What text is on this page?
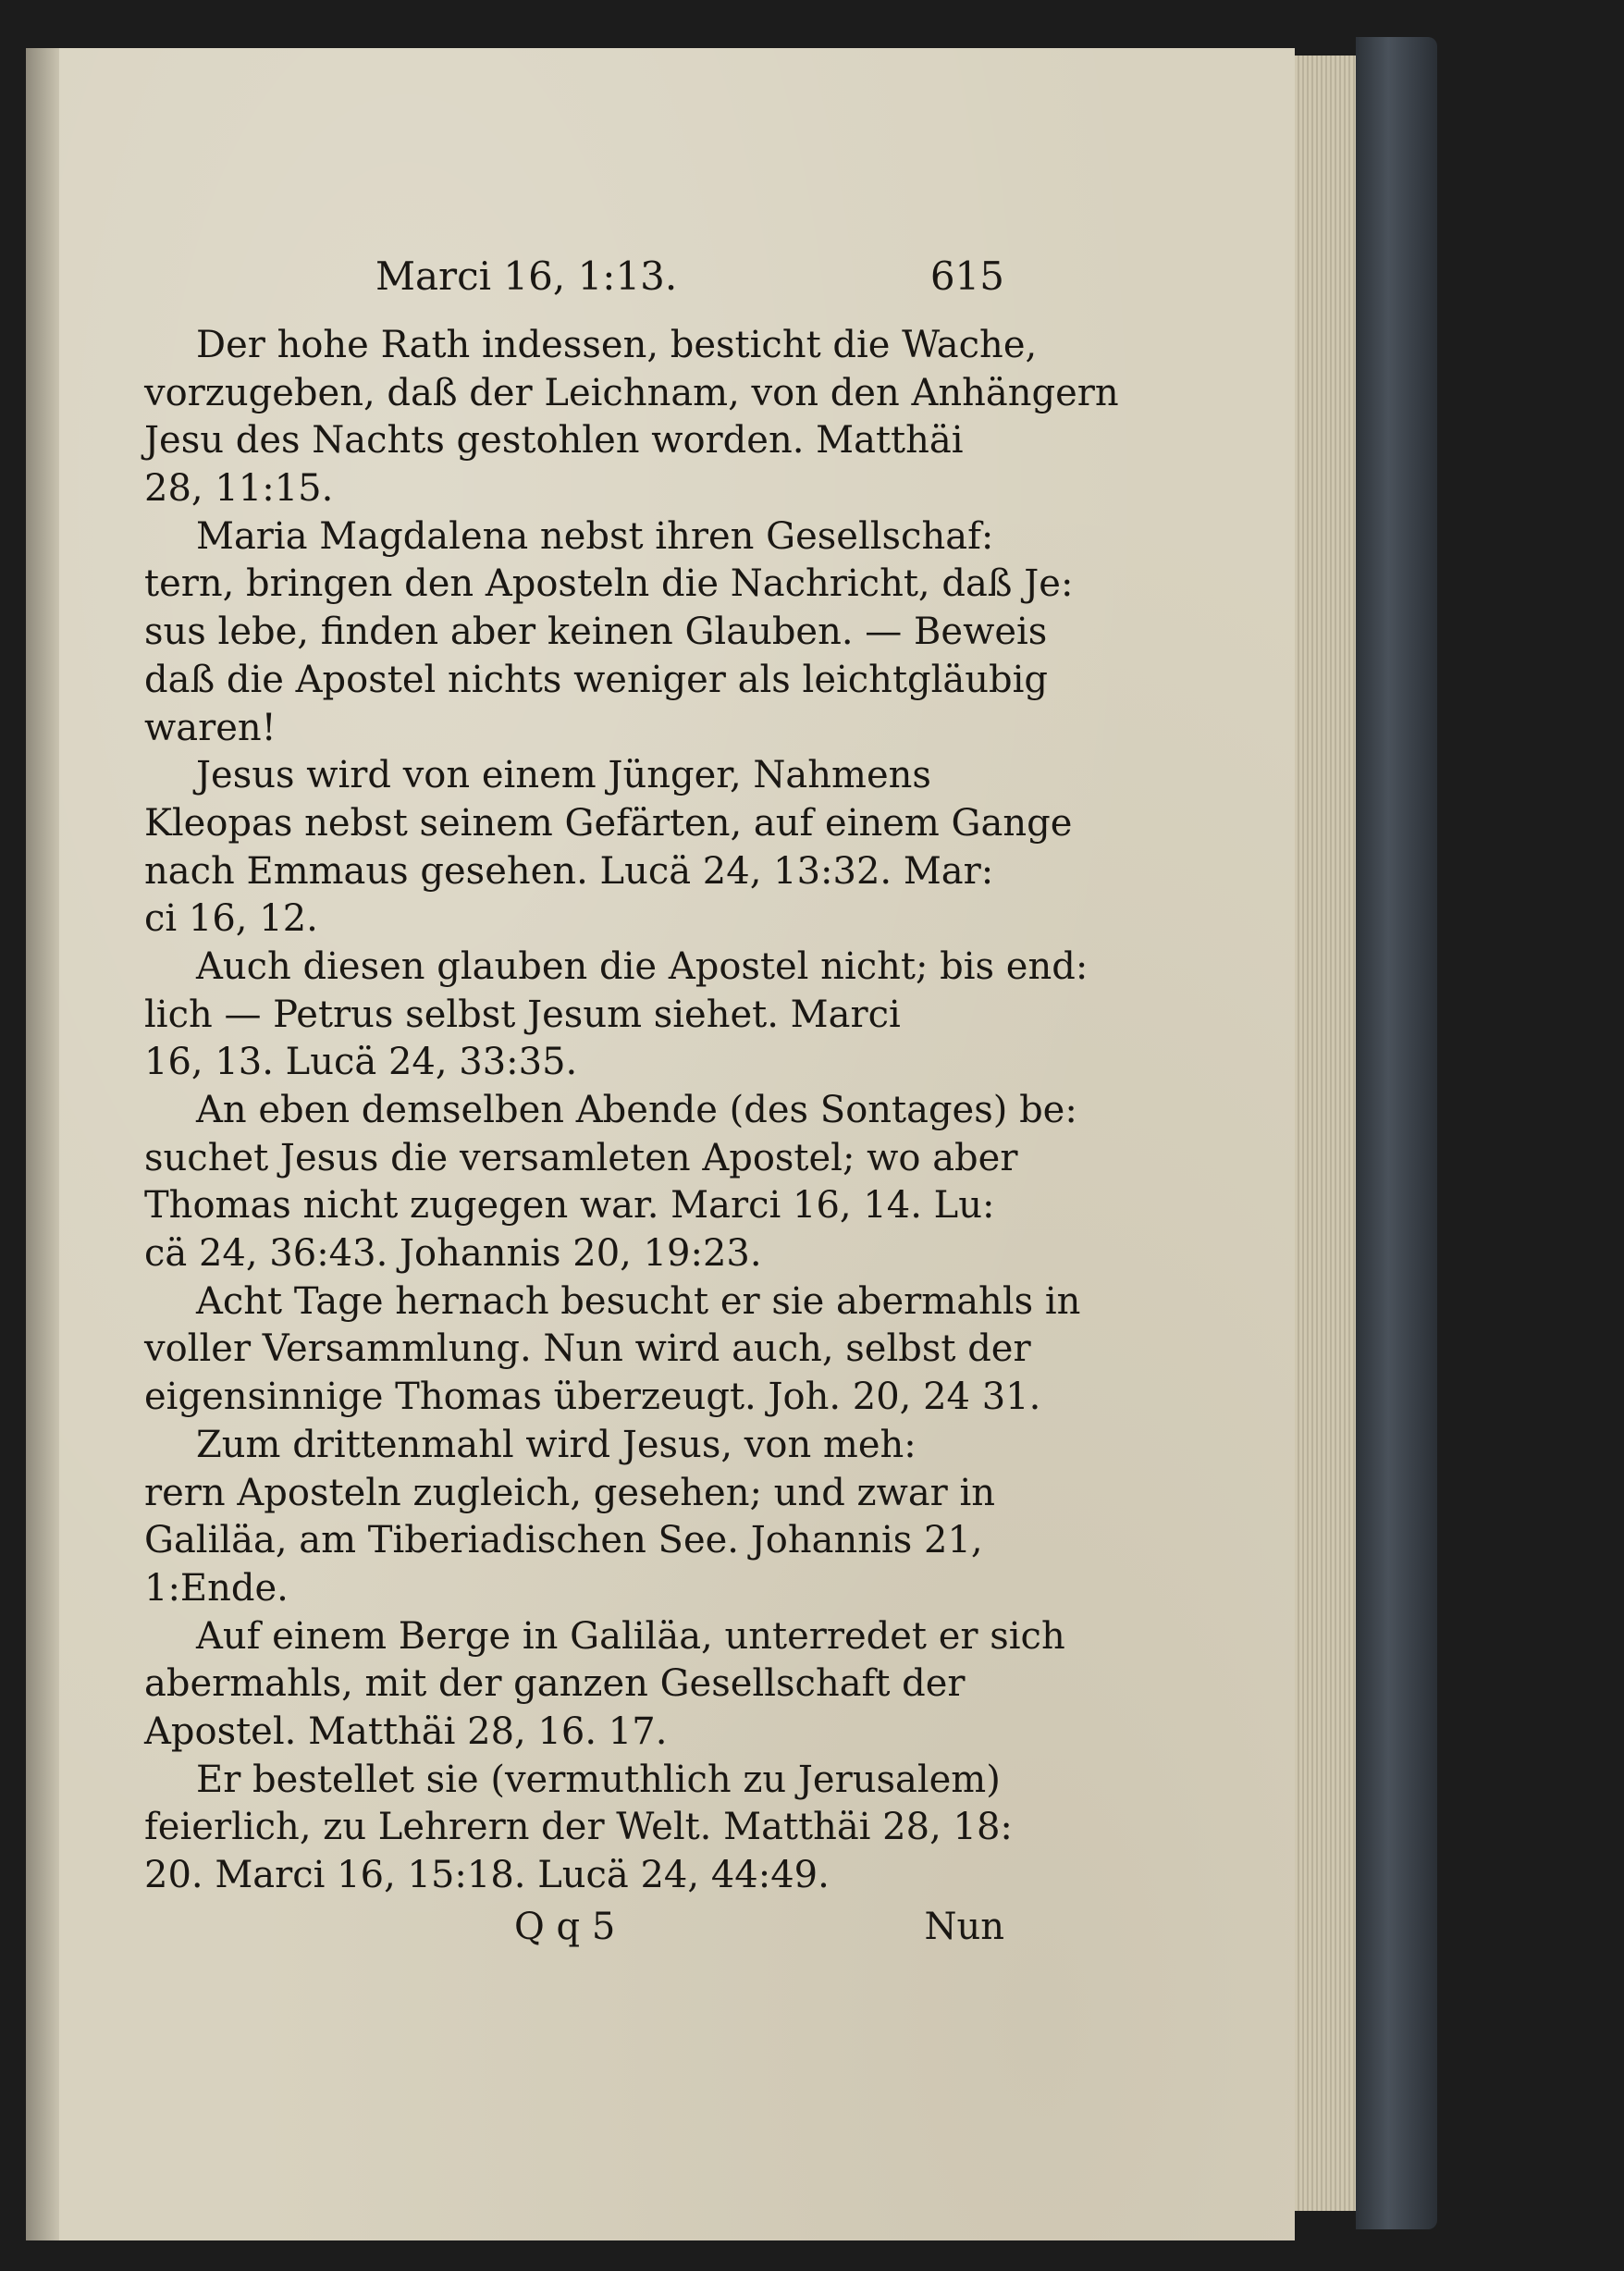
Marci 16, 1:13.	615
Der hohe Rath indessen, besticht die Wache,
vorzugeben, daß der Leichnam, von den Anhängern
Jesu des Nachts gestohlen worden. Matthäi
28, 11:15.
Maria Magdalena nebst ihren Gesellschaf:
tern, bringen den Aposteln die Nachricht, daß Je:
sus lebe, finden aber keinen Glauben. — Beweis
daß die Apostel nichts weniger als leichtgläubig
waren!
Jesus wird von einem Jünger, Nahmens
Kleopas nebst seinem Gefärten, auf einem Gange
nach Emmaus gesehen. Lucä 24, 13:32. Mar:
ci 16, 12.
Auch diesen glauben die Apostel nicht; bis end:
lich — Petrus selbst Jesum siehet. Marci
16, 13. Lucä 24, 33:35.
An eben demselben Abende (des Sontages) be:
suchet Jesus die versamleten Apostel; wo aber
Thomas nicht zugegen war. Marci 16, 14. Lu:
cä 24, 36:43. Johannis 20, 19:23.
Acht Tage hernach besucht er sie abermahls in
voller Versammlung. Nun wird auch, selbst der
eigensinnige Thomas überzeugt. Joh. 20, 24 31.
Zum drittenmahl wird Jesus, von meh:
rern Aposteln zugleich, gesehen; und zwar in
Galiläa, am Tiberiadischen See. Johannis 21,
1:Ende.
Auf einem Berge in Galiläa, unterredet er sich
abermahls, mit der ganzen Gesellschaft der
Apostel. Matthäi 28, 16. 17.
Er bestellet sie (vermuthlich zu Jerusalem)
feierlich, zu Lehrern der Welt. Matthäi 28, 18:
20. Marci 16, 15:18. Lucä 24, 44:49.
Q q 5	Nun
